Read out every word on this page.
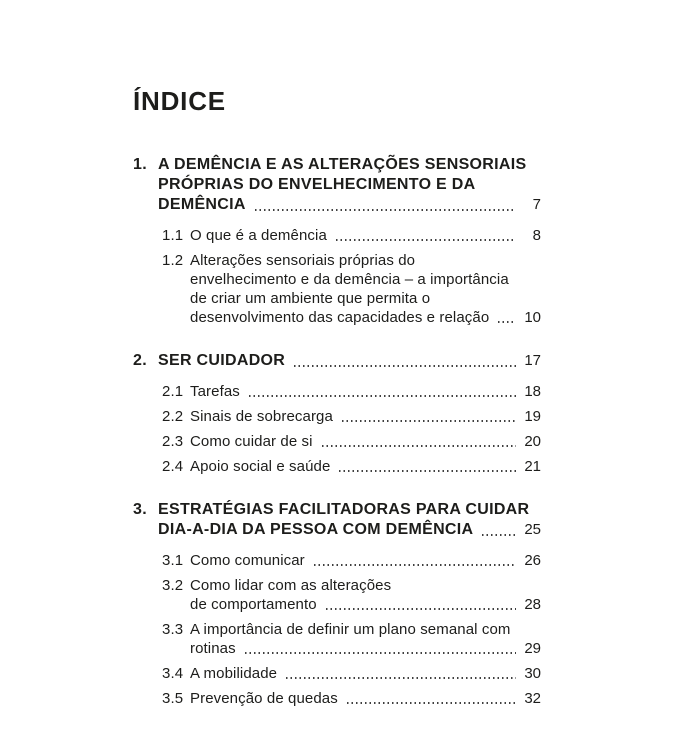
ÍNDICE
1. A DEMÊNCIA E AS ALTERAÇÕES SENSORIAIS
PRÓPRIAS DO ENVELHECIMENTO E DA
DEMÊNCIA	7
1.1 O que é a demência	8
1.2 Alterações sensoriais próprias do
envelhecimento e da demência – a importância
de criar um ambiente que permita o
desenvolvimento das capacidades e relação 10
2. SER CUIDADOR	17
2.1 Tarefas	18
2.2 Sinais de sobrecarga	19
2.3 Como cuidar de si	20
2.4 Apoio social e saúde	21
3. ESTRATÉGIAS FACILITADORAS PARA CUIDAR
DIA-A-DIA DA PESSOA COM DEMÊNCIA	25
3.1 Como comunicar	26
3.2 Como lidar com as alterações
de comportamento	28
3.3 A importância de definir um plano semanal com
rotinas	29
3.4 A mobilidade	30
3.5 Prevenção de quedas	32
